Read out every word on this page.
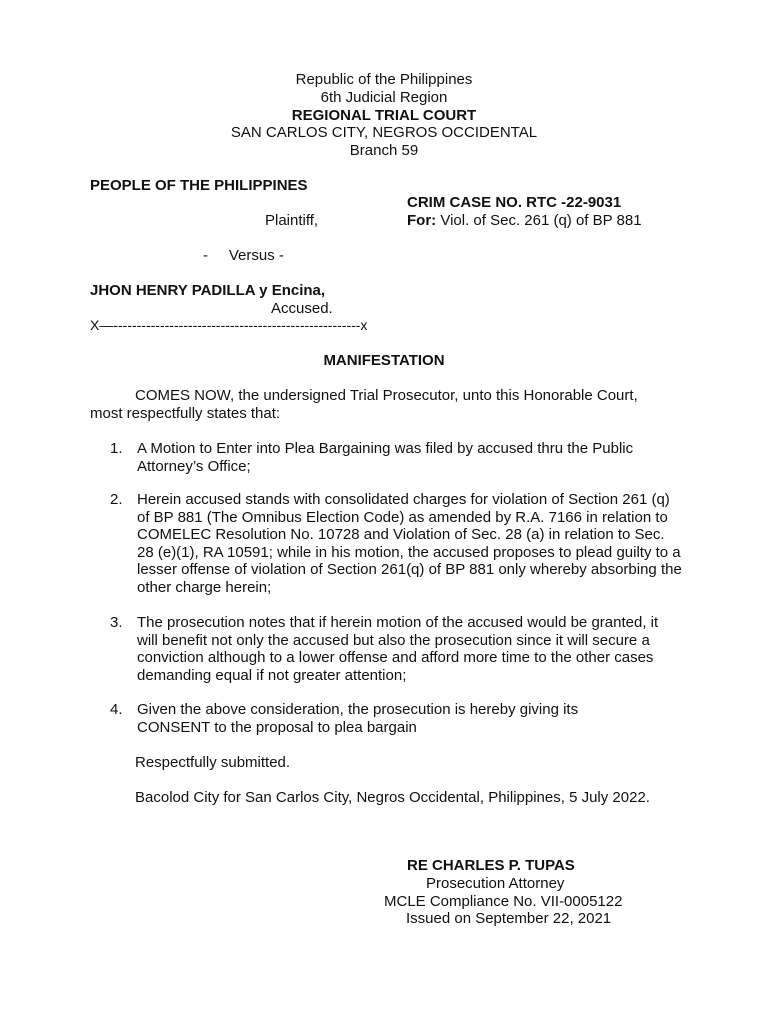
Republic of the Philippines
6th Judicial Region
REGIONAL TRIAL COURT
SAN CARLOS CITY, NEGROS OCCIDENTAL
Branch 59
PEOPLE OF THE PHILIPPINES
CRIM CASE NO. RTC -22-9031
Plaintiff,	For: Viol. of Sec. 261 (q) of BP 881
-     Versus -
JHON HENRY PADILLA y Encina,
Accused.
X—-----------------------------------------------------x
MANIFESTATION
COMES NOW, the undersigned Trial Prosecutor, unto this Honorable Court, most respectfully states that:
1. A Motion to Enter into Plea Bargaining was filed by accused thru the Public Attorney’s Office;
2. Herein accused stands with consolidated charges for violation of Section 261 (q) of BP 881 (The Omnibus Election Code) as amended by R.A. 7166 in relation to COMELEC Resolution No. 10728 and Violation of Sec. 28 (a) in relation to Sec. 28 (e)(1), RA 10591; while in his motion, the accused proposes to plead guilty to a lesser offense of violation of Section 261(q) of BP 881 only whereby absorbing the other charge herein;
3. The prosecution notes that if herein motion of the accused would be granted, it will benefit not only the accused but also the prosecution since it will secure a conviction although to a lower offense and afford more time to the other cases demanding equal if not greater attention;
4. Given the above consideration, the prosecution is hereby giving its CONSENT to the proposal to plea bargain
Respectfully submitted.
Bacolod City for San Carlos City, Negros Occidental, Philippines, 5 July 2022.
RE CHARLES P. TUPAS
Prosecution Attorney
MCLE Compliance No. VII-0005122
Issued on September 22, 2021
